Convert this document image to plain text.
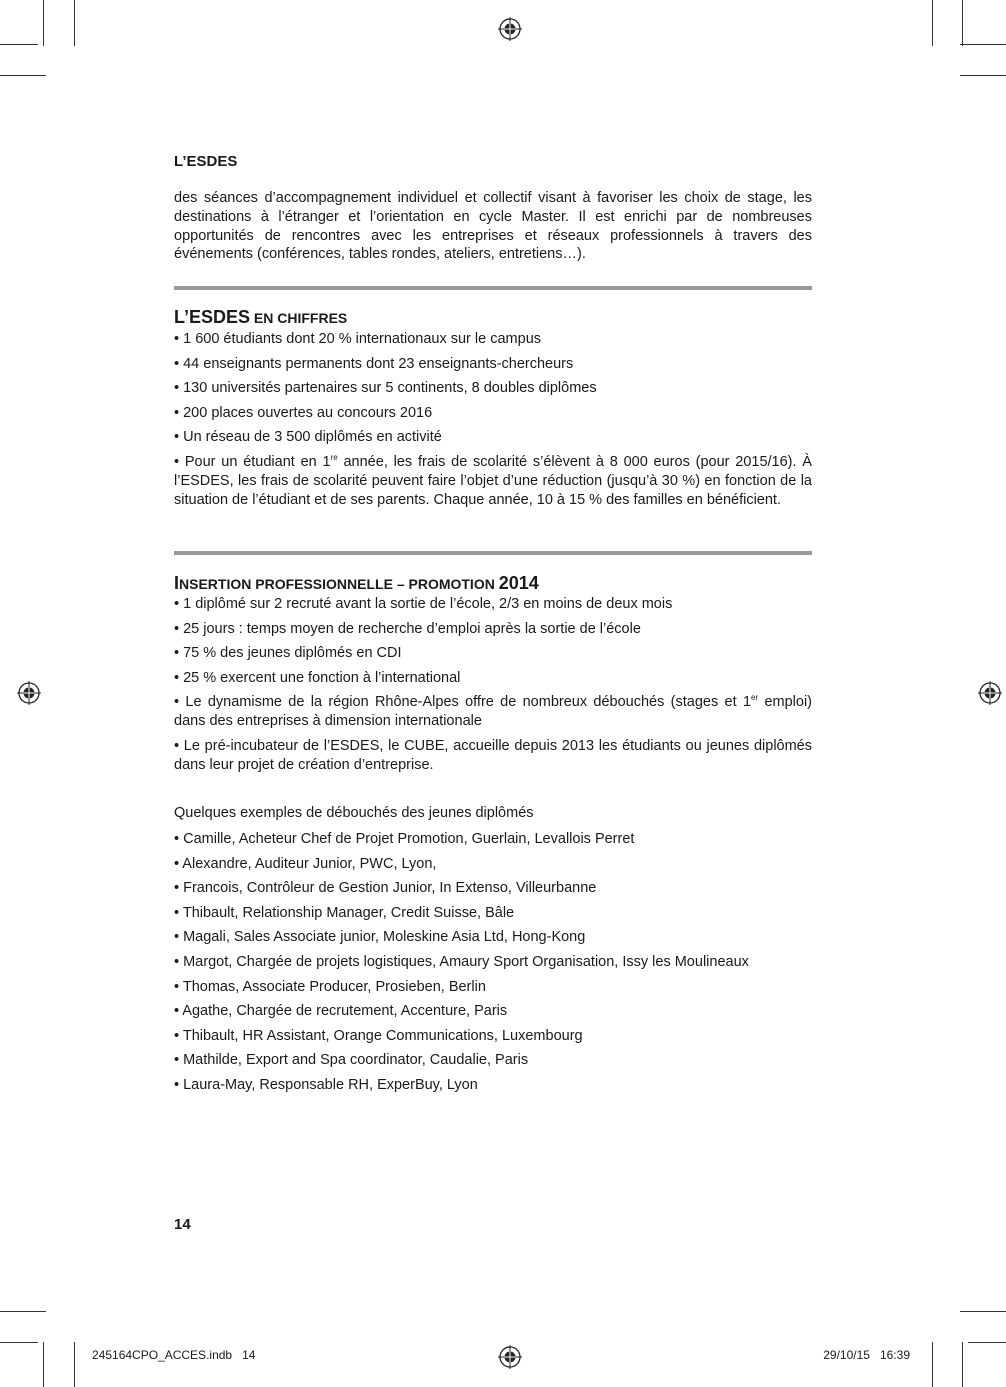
L’ESDES

des séances d’accompagnement individuel et collectif visant à favoriser les choix de stage, les destinations à l’étranger et l’orientation en cycle Master. Il est enrichi par de nombreuses opportunités de rencontres avec les entreprises et réseaux professionnels à travers des événements (conférences, tables rondes, ateliers, entretiens…).

L’ESDES EN CHIFFRES
• 1 600 étudiants dont 20 % internationaux sur le campus
• 44 enseignants permanents dont 23 enseignants-chercheurs
• 130 universités partenaires sur 5 continents, 8 doubles diplômes
• 200 places ouvertes au concours 2016
• Un réseau de 3 500 diplômés en activité
• Pour un étudiant en 1re année, les frais de scolarité s’élèvent à 8 000 euros (pour 2015/16). À l’ESDES, les frais de scolarité peuvent faire l’objet d’une réduction (jusqu’à 30 %) en fonction de la situation de l’étudiant et de ses parents. Chaque année, 10 à 15 % des familles en bénéficient.
INSERTION PROFESSIONNELLE – PROMOTION 2014
• 1 diplômé sur 2 recruté avant la sortie de l’école, 2/3 en moins de deux mois
• 25 jours : temps moyen de recherche d’emploi après la sortie de l’école
• 75 % des jeunes diplômés en CDI
• 25 % exercent une fonction à l’international
• Le dynamisme de la région Rhône-Alpes offre de nombreux débouchés (stages et 1er emploi) dans des entreprises à dimension internationale
• Le pré-incubateur de l’ESDES, le CUBE, accueille depuis 2013 les étudiants ou jeunes diplômés dans leur projet de création d’entreprise.

Quelques exemples de débouchés des jeunes diplômés

• Camille, Acheteur Chef de Projet Promotion, Guerlain, Levallois Perret
• Alexandre, Auditeur Junior, PWC, Lyon,
• Francois, Contrôleur de Gestion Junior, In Extenso, Villeurbanne
• Thibault, Relationship Manager, Credit Suisse, Bâle
• Magali, Sales Associate junior, Moleskine Asia Ltd, Hong-Kong
• Margot, Chargée de projets logistiques, Amaury Sport Organisation, Issy les Moulineaux
• Thomas, Associate Producer, Prosieben, Berlin
• Agathe, Chargée de recrutement, Accenture, Paris
• Thibault, HR Assistant, Orange Communications, Luxembourg
• Mathilde, Export and Spa coordinator, Caudalie, Paris
• Laura-May, Responsable RH, ExperBuy, Lyon

14

245164CPO_ACCES.indb   14	29/10/15   16:39
